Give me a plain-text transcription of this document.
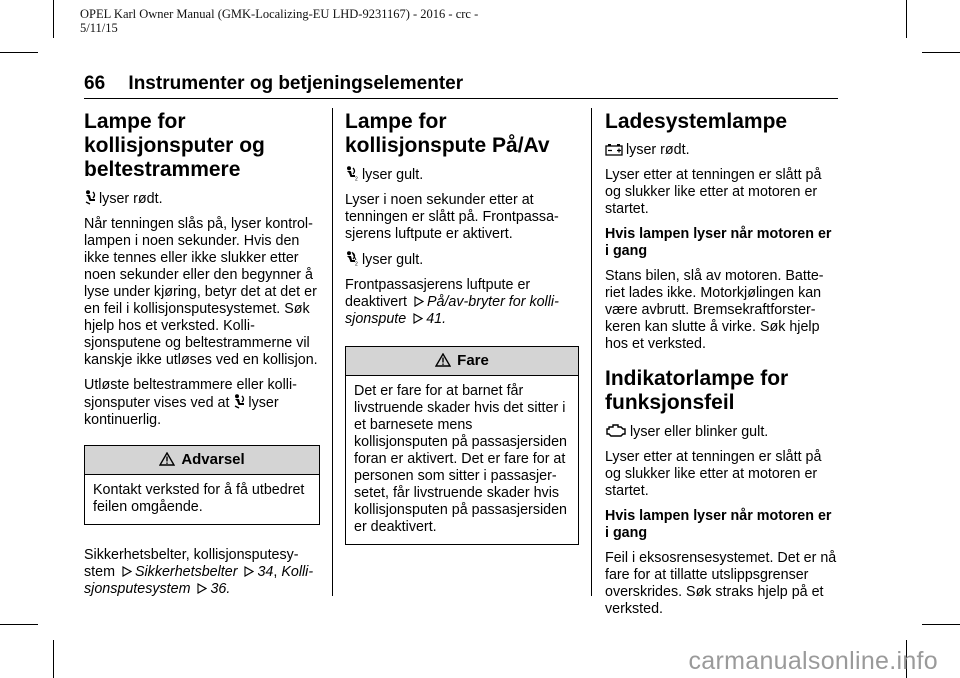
OPEL Karl Owner Manual (GMK-Localizing-EU LHD-9231167) - 2016 - crc -
5/11/15
66 Instrumenter og betjeningselementer
Lampe for kollisjonsputer og beltestrammere

lyser rødt.

Når tenningen slås på, lyser kontrol-lampen i noen sekunder. Hvis den ikke tennes eller ikke slukker etter noen sekunder eller den begynner å lyse under kjøring, betyr det at det er en feil i kollisjonsputesystemet. Søk hjelp hos et verksted. Kolli-sjonsputene og beltestrammerne vil kanskje ikke utløses ved en kollisjon.

Utløste beltestrammere eller kolli-sjonsputer vises ved at lyser kontinuerlig.

Advarsel
Kontakt verksted for å få utbedret feilen omgående.

Sikkerhetsbelter, kollisjonsputesy-stem Sikkerhetsbelter 34, Kolli-sjonsputesystem 36.

Lampe for kollisjonspute På/Av

2 lyser gult.

Lyser i noen sekunder etter at tenningen er slått på. Frontpassa-sjerens luftpute er aktivert.

2 lyser gult.

Frontpassasjerens luftpute er deaktivert På/av-bryter for kolli-sjonspute 41.

Fare
Det er fare for at barnet får livstruende skader hvis det sitter i et barnesete mens kollisjonsputen på passasjersiden foran er aktivert. Det er fare for at personen som sitter i passasjer-setet, får livstruende skader hvis kollisjonsputen på passasjersiden er deaktivert.
Ladesystemlampe

lyser rødt.

Lyser etter at tenningen er slått på og slukker like etter at motoren er startet.

Hvis lampen lyser når motoren er i gang

Stans bilen, slå av motoren. Batte-riet lades ikke. Motorkjølingen kan være avbrutt. Bremsekraftforster-keren kan slutte å virke. Søk hjelp hos et verksted.

Indikatorlampe for funksjonsfeil

lyser eller blinker gult.

Lyser etter at tenningen er slått på og slukker like etter at motoren er startet.

Hvis lampen lyser når motoren er i gang

Feil i eksosrensesystemet. Det er nå fare for at tillatte utslippsgrenser overskrides. Søk straks hjelp på et verksted.

carmanualsonline.info
